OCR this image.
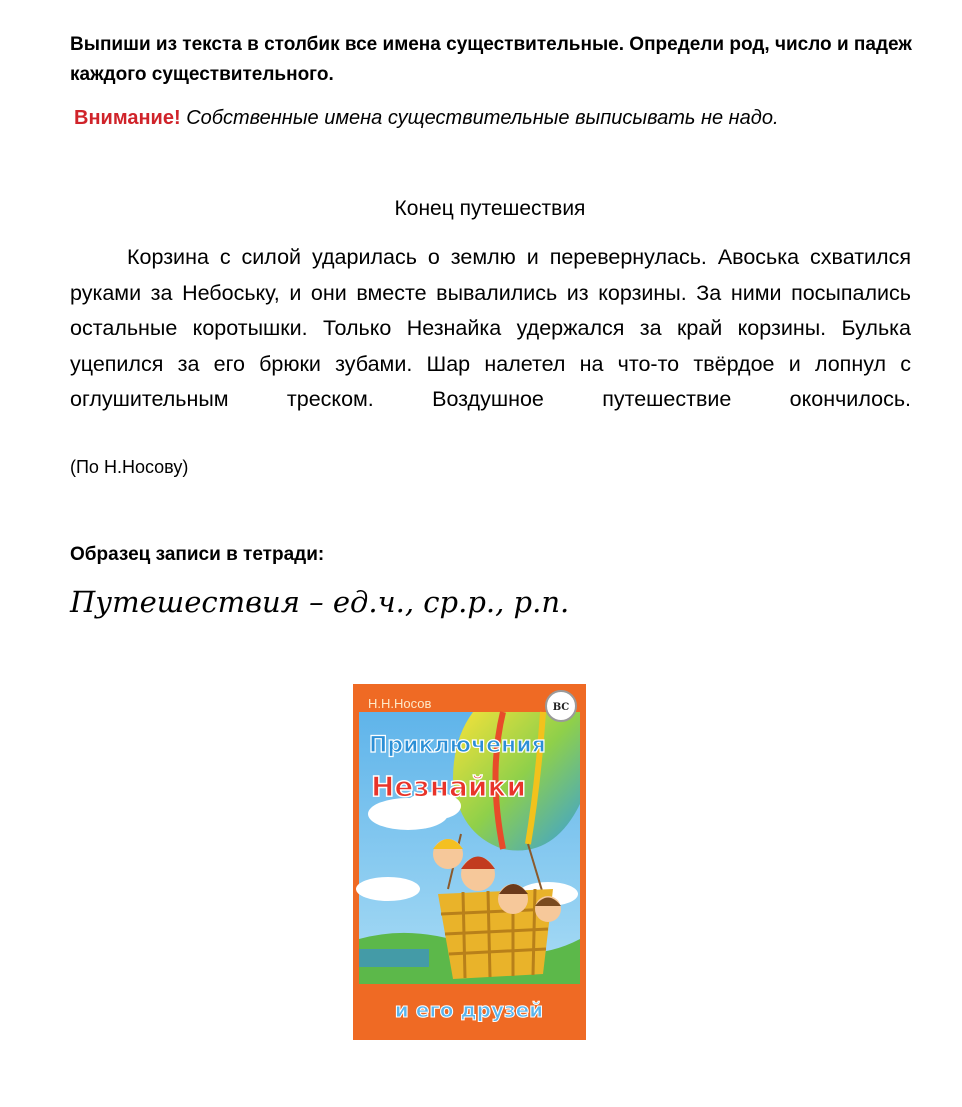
Выпиши из текста в столбик все имена существительные. Определи род, число и падеж каждого существительного.
Внимание! Собственные имена существительные выписывать не надо.
Конец путешествия

Корзина с силой ударилась о землю и перевернулась. Авоська схватился руками за Небоську, и они вместе вывалились из корзины. За ними посыпались остальные коротышки. Только Незнайка удержался за край корзины. Булька уцепился за его брюки зубами. Шар налетел на что-то твёрдое и лопнул с оглушительным треском. Воздушное путешествие окончилось.

(По Н.Носову)
Образец записи в тетради:
Путешествия – ед.ч., ср.р., р.п.
Н.Н.Носов	ВС
Приключения
Незнайки
и его друзей
